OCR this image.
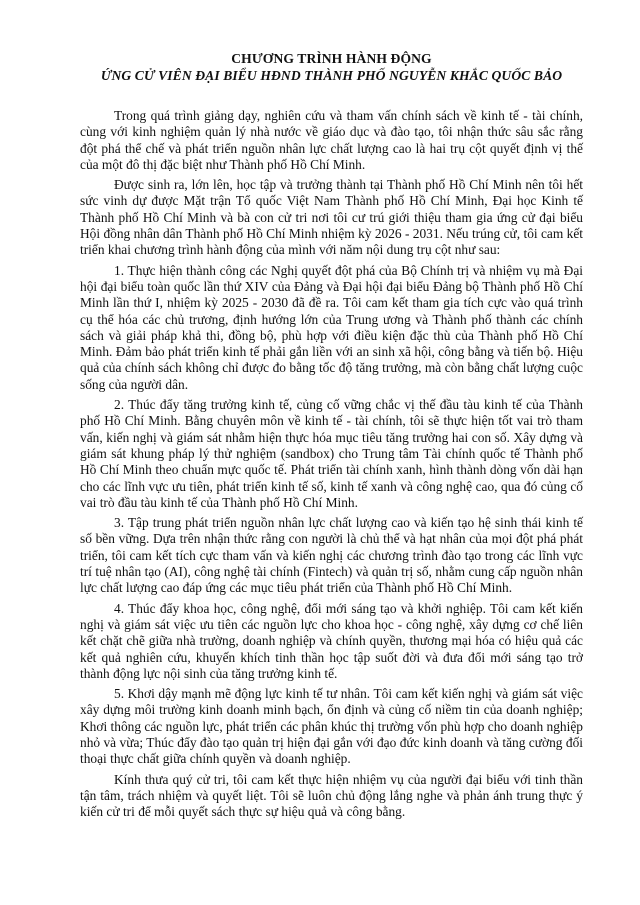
CHƯƠNG TRÌNH HÀNH ĐỘNG
ỨNG CỬ VIÊN ĐẠI BIỂU HĐND THÀNH PHỐ NGUYỄN KHẮC QUỐC BẢO

Trong quá trình giảng dạy, nghiên cứu và tham vấn chính sách về kinh tế - tài chính, cùng với kinh nghiệm quản lý nhà nước về giáo dục và đào tạo, tôi nhận thức sâu sắc rằng đột phá thể chế và phát triển nguồn nhân lực chất lượng cao là hai trụ cột quyết định vị thế của một đô thị đặc biệt như Thành phố Hồ Chí Minh.

Được sinh ra, lớn lên, học tập và trưởng thành tại Thành phố Hồ Chí Minh nên tôi hết sức vinh dự được Mặt trận Tổ quốc Việt Nam Thành phố Hồ Chí Minh, Đại học Kinh tế Thành phố Hồ Chí Minh và bà con cử tri nơi tôi cư trú giới thiệu tham gia ứng cử đại biểu Hội đồng nhân dân Thành phố Hồ Chí Minh nhiệm kỳ 2026 - 2031. Nếu trúng cử, tôi cam kết triển khai chương trình hành động của mình với năm nội dung trụ cột như sau:

1. Thực hiện thành công các Nghị quyết đột phá của Bộ Chính trị và nhiệm vụ mà Đại hội đại biểu toàn quốc lần thứ XIV của Đảng và Đại hội đại biểu Đảng bộ Thành phố Hồ Chí Minh lần thứ I, nhiệm kỳ 2025 - 2030 đã đề ra. Tôi cam kết tham gia tích cực vào quá trình cụ thể hóa các chủ trương, định hướng lớn của Trung ương và Thành phố thành các chính sách và giải pháp khả thi, đồng bộ, phù hợp với điều kiện đặc thù của Thành phố Hồ Chí Minh. Đảm bảo phát triển kinh tế phải gắn liền với an sinh xã hội, công bằng và tiến bộ. Hiệu quả của chính sách không chỉ được đo bằng tốc độ tăng trưởng, mà còn bằng chất lượng cuộc sống của người dân.

2. Thúc đẩy tăng trưởng kinh tế, củng cố vững chắc vị thế đầu tàu kinh tế của Thành phố Hồ Chí Minh. Bằng chuyên môn về kinh tế - tài chính, tôi sẽ thực hiện tốt vai trò tham vấn, kiến nghị và giám sát nhằm hiện thực hóa mục tiêu tăng trưởng hai con số. Xây dựng và giám sát khung pháp lý thử nghiệm (sandbox) cho Trung tâm Tài chính quốc tế Thành phố Hồ Chí Minh theo chuẩn mực quốc tế. Phát triển tài chính xanh, hình thành dòng vốn dài hạn cho các lĩnh vực ưu tiên, phát triển kinh tế số, kinh tế xanh và công nghệ cao, qua đó củng cố vai trò đầu tàu kinh tế của Thành phố Hồ Chí Minh.

3. Tập trung phát triển nguồn nhân lực chất lượng cao và kiến tạo hệ sinh thái kinh tế số bền vững. Dựa trên nhận thức rằng con người là chủ thể và hạt nhân của mọi đột phá phát triển, tôi cam kết tích cực tham vấn và kiến nghị các chương trình đào tạo trong các lĩnh vực trí tuệ nhân tạo (AI), công nghệ tài chính (Fintech) và quản trị số, nhằm cung cấp nguồn nhân lực chất lượng cao đáp ứng các mục tiêu phát triển của Thành phố Hồ Chí Minh.

4. Thúc đẩy khoa học, công nghệ, đổi mới sáng tạo và khởi nghiệp. Tôi cam kết kiến nghị và giám sát việc ưu tiên các nguồn lực cho khoa học - công nghệ, xây dựng cơ chế liên kết chặt chẽ giữa nhà trường, doanh nghiệp và chính quyền, thương mại hóa có hiệu quả các kết quả nghiên cứu, khuyến khích tinh thần học tập suốt đời và đưa đổi mới sáng tạo trở thành động lực nội sinh của tăng trưởng kinh tế.

5. Khơi dậy mạnh mẽ động lực kinh tế tư nhân. Tôi cam kết kiến nghị và giám sát việc xây dựng môi trường kinh doanh minh bạch, ổn định và củng cố niềm tin của doanh nghiệp; Khơi thông các nguồn lực, phát triển các phân khúc thị trường vốn phù hợp cho doanh nghiệp nhỏ và vừa; Thúc đẩy đào tạo quản trị hiện đại gắn với đạo đức kinh doanh và tăng cường đối thoại thực chất giữa chính quyền và doanh nghiệp.

Kính thưa quý cử tri, tôi cam kết thực hiện nhiệm vụ của người đại biểu với tinh thần tận tâm, trách nhiệm và quyết liệt. Tôi sẽ luôn chủ động lắng nghe và phản ánh trung thực ý kiến cử tri để mỗi quyết sách thực sự hiệu quả và công bằng.
